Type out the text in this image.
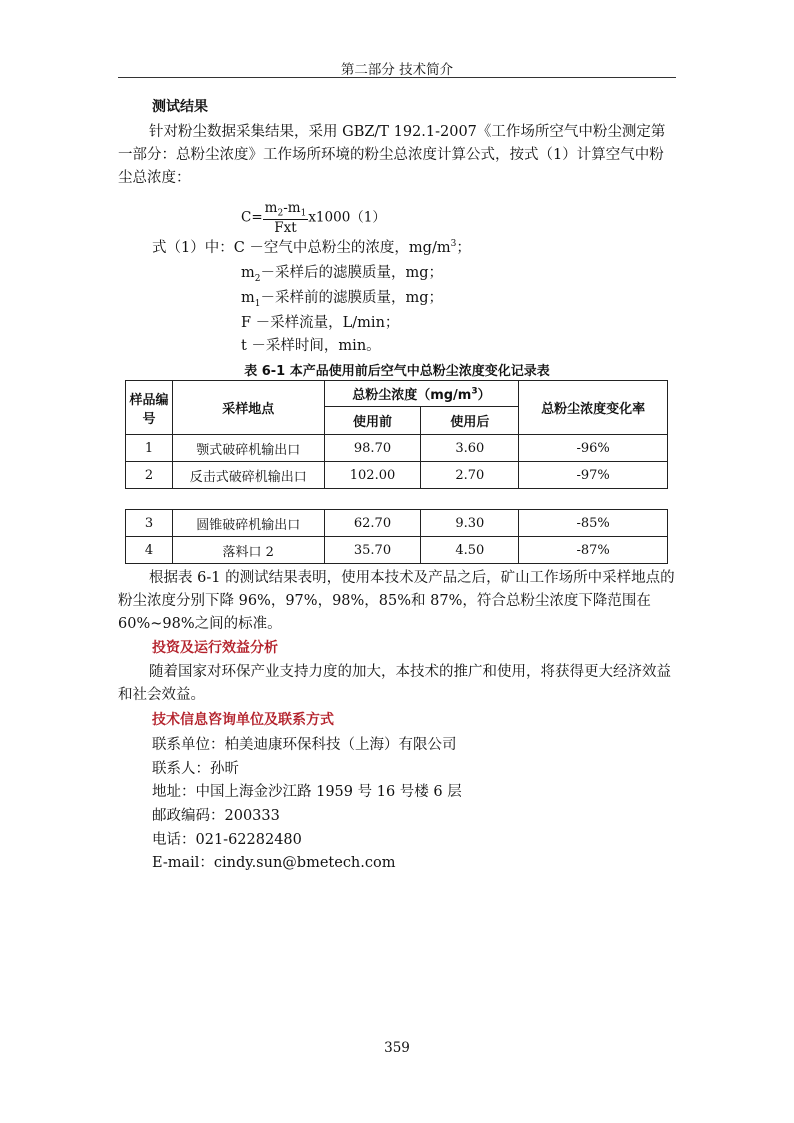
第二部分 技术简介
测试结果
针对粉尘数据采集结果，采用 GBZ/T 192.1-2007《工作场所空气中粉尘测定第一部分：总粉尘浓度》工作场所环境的粉尘总浓度计算公式，按式（1）计算空气中粉尘总浓度：
$C= \frac{m_2-m_1}{\text{Fxt}} x1000(1)$
式（1）中：C －空气中总粉尘的浓度，$mg/m^3$；
$m_2-$采样后的滤膜质量，mg；
$m_1-$采样前的滤膜质量，mg；
F －采样流量，L/min；
t －采样时间，min。
表 6-1 本产品使用前后空气中总粉尘浓度变化记录表
样品编号	采样地点	总粉尘浓度$(mg/m^3)$		总粉尘浓度变化率
		使用前	使用后	
1	颚式破碎机输出口	98.70	3.60	-96%
2	反击式破碎机输出口	102.00	2.70	-97%
3	圆锥破碎机输出口	62.70	9.30	-85%
4	落料口 2	35.70	4.50	-87%
根据表 6-1 的测试结果表明，使用本技术及产品之后，矿山工作场所中采样地点的粉尘浓度分别下降 96%，97%，98%，85%和 87%，符合总粉尘浓度下降范围在 60%~98%之间的标准。
投资及运行效益分析
随着国家对环保产业支持力度的加大，本技术的推广和使用，将获得更大经济效益和社会效益。
技术信息咨询单位及联系方式
联系单位：柏美迪康环保科技（上海）有限公司
联系人：孙昕
地址：中国上海金沙江路 1959 号 16 号楼 6 层
邮政编码：200333
电话：021-62282480
E-mail：cindy.sun@bmetech.com
359
